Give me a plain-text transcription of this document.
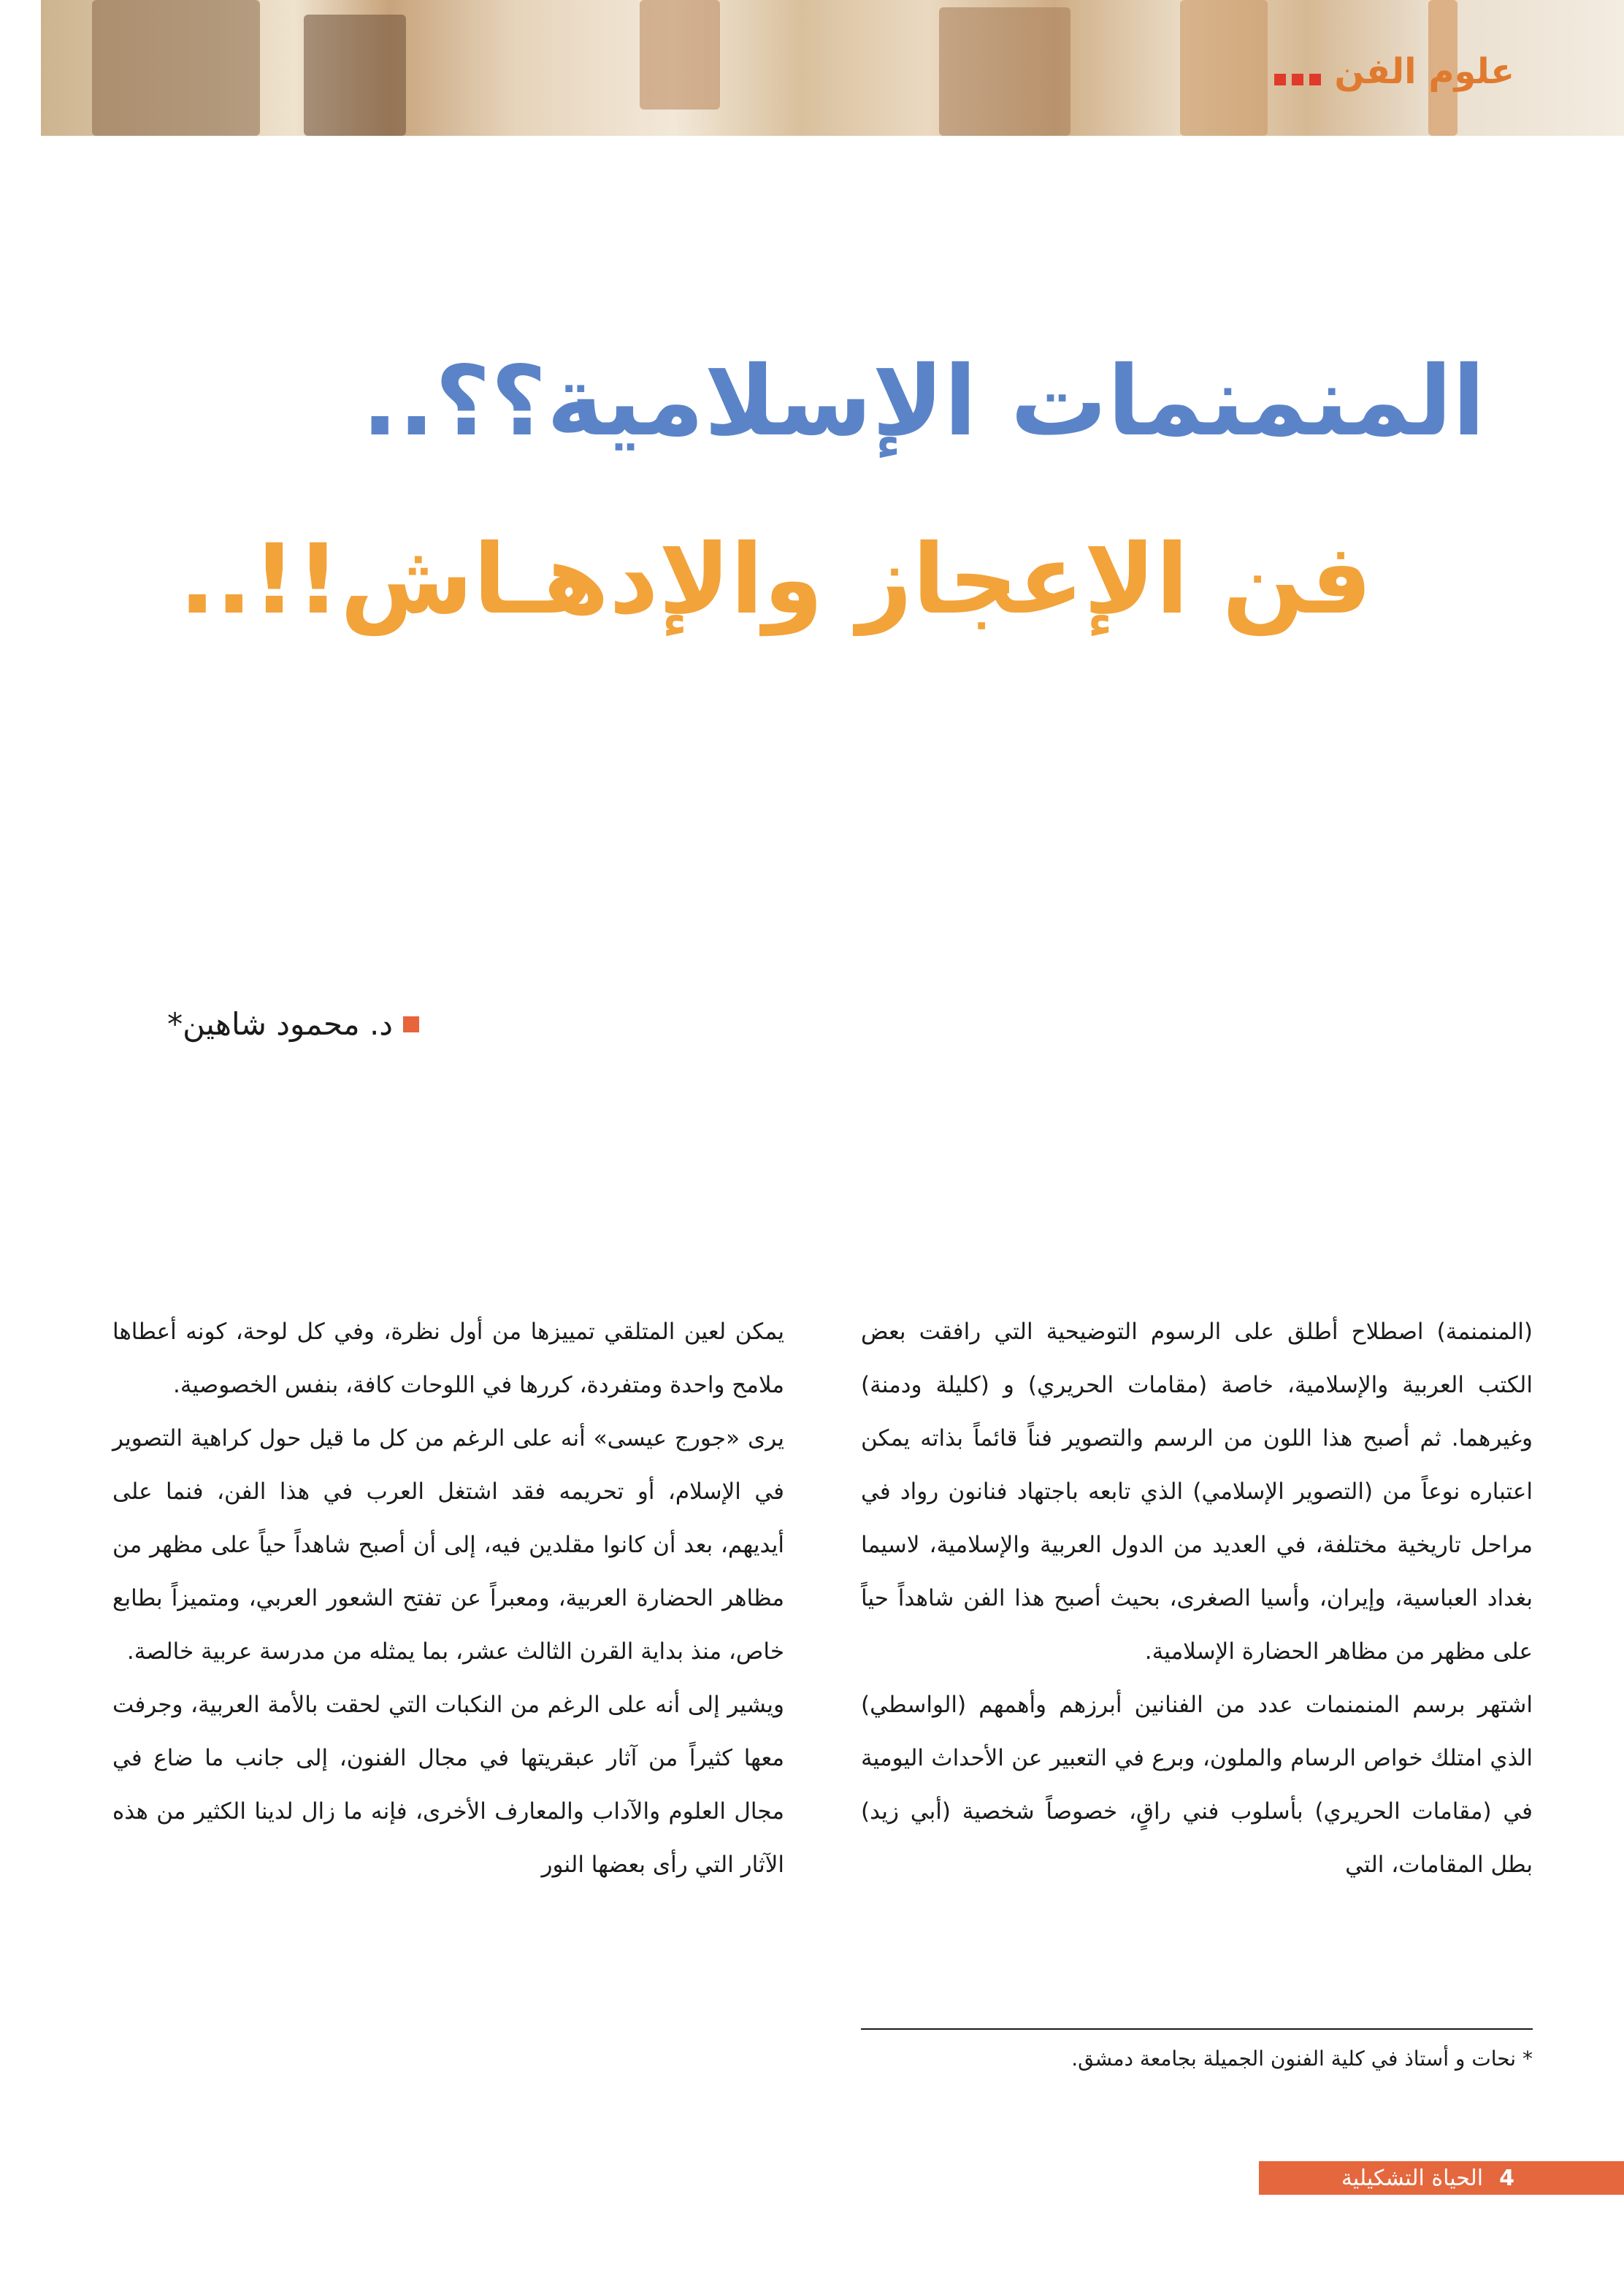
علوم الفن
المنمنمات الإسلامية؟؟..
فن الإعجاز والإدهـاش!!..
د. محمود شاهين*

(المنمنمة) اصطلاح أطلق على الرسوم التوضيحية التي رافقت بعض الكتب العربية والإسلامية، خاصة (مقامات الحريري) و (كليلة ودمنة) وغيرهما. ثم أصبح هذا اللون من الرسم والتصوير فناً قائماً بذاته يمكن اعتباره نوعاً من (التصوير الإسلامي) الذي تابعه باجتهاد فنانون رواد في مراحل تاريخية مختلفة، في العديد من الدول العربية والإسلامية، لاسيما بغداد العباسية، وإيران، وأسيا الصغرى، بحيث أصبح هذا الفن شاهداً حياً على مظهر من مظاهر الحضارة الإسلامية.

اشتهر برسم المنمنمات عدد من الفنانين أبرزهم وأهمهم (الواسطي) الذي امتلك خواص الرسام والملون، وبرع في التعبير عن الأحداث اليومية في (مقامات الحريري) بأسلوب فني راقٍ، خصوصاً شخصية (أبي زيد) بطل المقامات، التي

يمكن لعين المتلقي تمييزها من أول نظرة، وفي كل لوحة، كونه أعطاها ملامح واحدة ومتفردة، كررها في اللوحات كافة، بنفس الخصوصية.

يرى «جورج عيسى» أنه على الرغم من كل ما قيل حول كراهية التصوير في الإسلام، أو تحريمه فقد اشتغل العرب في هذا الفن، فنما على أيديهم، بعد أن كانوا مقلدين فيه، إلى أن أصبح شاهداً حياً على مظهر من مظاهر الحضارة العربية، ومعبراً عن تفتح الشعور العربي، ومتميزاً بطابع خاص، منذ بداية القرن الثالث عشر، بما يمثله من مدرسة عربية خالصة.

ويشير إلى أنه على الرغم من النكبات التي لحقت بالأمة العربية، وجرفت معها كثيراً من آثار عبقريتها في مجال الفنون، إلى جانب ما ضاع في مجال العلوم والآداب والمعارف الأخرى، فإنه ما زال لدينا الكثير من هذه الآثار التي رأى بعضها النور

* نحات و أستاذ في كلية الفنون الجميلة بجامعة دمشق.
4
الحياة التشكيلية
